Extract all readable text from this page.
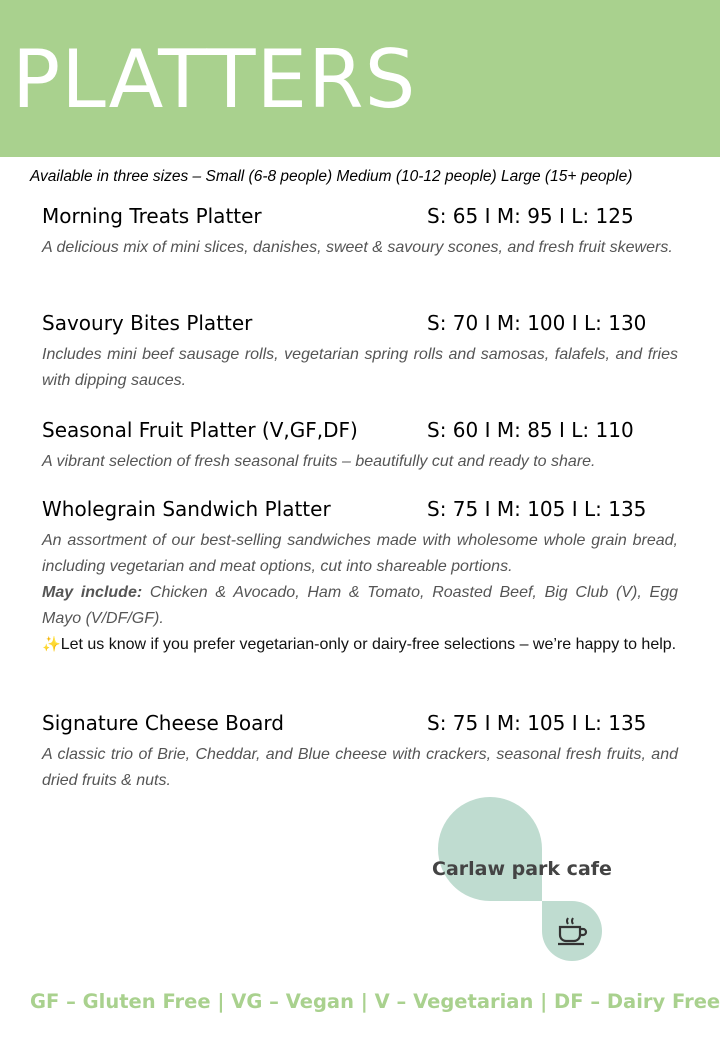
PLATTERS
Available in three sizes – Small (6-8 people) Medium (10-12 people) Large (15+ people)
Morning Treats Platter	S: 65 I M: 95 I L: 125
A delicious mix of mini slices, danishes, sweet & savoury scones, and fresh fruit skewers.
Savoury Bites Platter	S: 70 I M: 100 I L: 130
Includes mini beef sausage rolls, vegetarian spring rolls and samosas, falafels, and fries with dipping sauces.
Seasonal Fruit Platter (V,GF,DF)	S: 60 I M: 85 I L: 110
A vibrant selection of fresh seasonal fruits – beautifully cut and ready to share.
Wholegrain Sandwich Platter	S: 75 I M: 105 I L: 135
An assortment of our best-selling sandwiches made with wholesome whole grain bread, including vegetarian and meat options, cut into shareable portions.
May include: Chicken & Avocado, Ham & Tomato, Roasted Beef, Big Club (V), Egg Mayo (V/DF/GF).
✨Let us know if you prefer vegetarian-only or dairy-free selections – we’re happy to help.
Signature Cheese Board	S: 75 I M: 105 I L: 135
A classic trio of Brie, Cheddar, and Blue cheese with crackers, seasonal fresh fruits, and dried fruits & nuts.
Carlaw park cafe
GF – Gluten Free | VG – Vegan | V – Vegetarian | DF – Dairy Free
